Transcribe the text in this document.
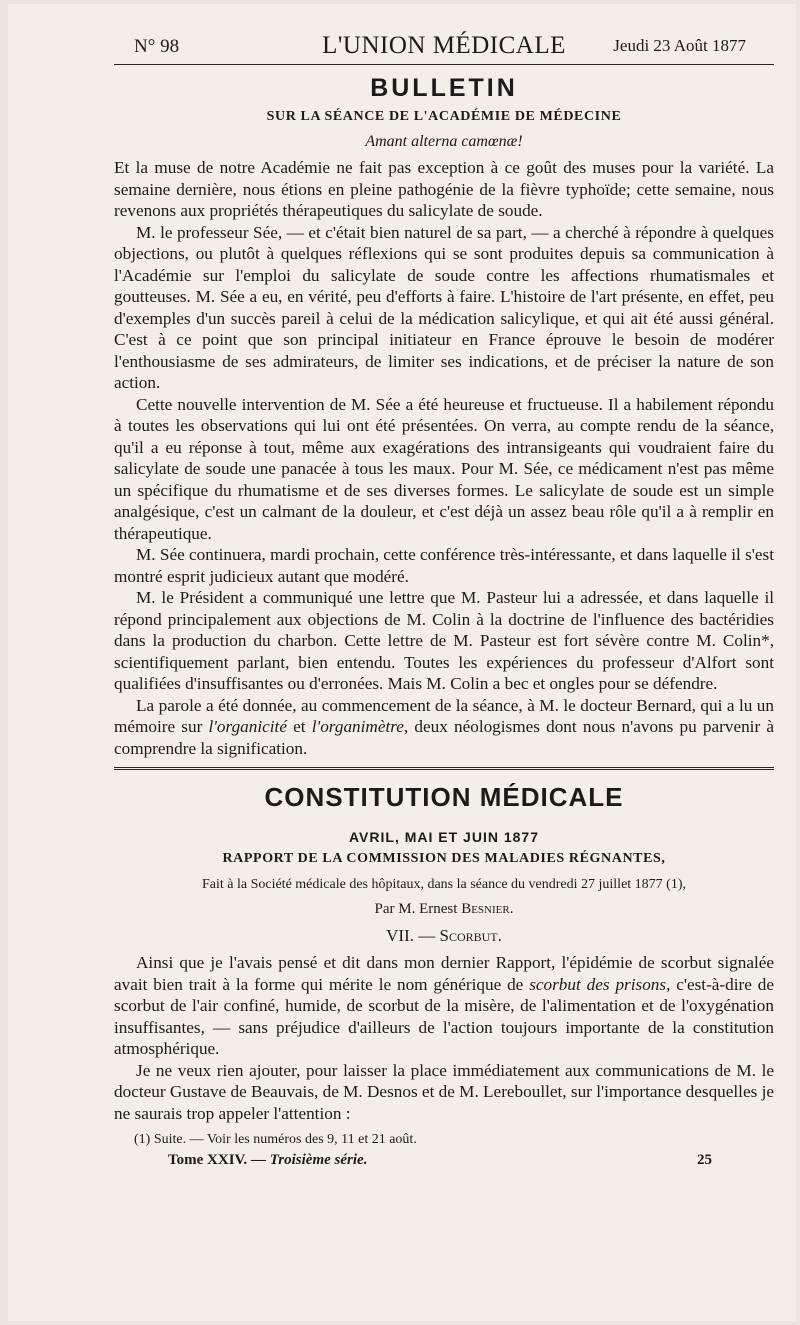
N° 98	L'UNION MÉDICALE	Jeudi 23 Août 1877
BULLETIN
SUR LA SÉANCE DE L'ACADÉMIE DE MÉDECINE
Amant alterna camœnæ!

Et la muse de notre Académie ne fait pas exception à ce goût des muses pour la variété. La semaine dernière, nous étions en pleine pathogénie de la fièvre typhoïde; cette semaine, nous revenons aux propriétés thérapeutiques du salicylate de soude.

M. le professeur Sée, — et c'était bien naturel de sa part, — a cherché à répondre à quelques objections, ou plutôt à quelques réflexions qui se sont produites depuis sa communication à l'Académie sur l'emploi du salicylate de soude contre les affections rhumatismales et goutteuses. M. Sée a eu, en vérité, peu d'efforts à faire. L'histoire de l'art présente, en effet, peu d'exemples d'un succès pareil à celui de la médication salicylique, et qui ait été aussi général. C'est à ce point que son principal initiateur en France éprouve le besoin de modérer l'enthousiasme de ses admirateurs, de limiter ses indications, et de préciser la nature de son action.

Cette nouvelle intervention de M. Sée a été heureuse et fructueuse. Il a habilement répondu à toutes les observations qui lui ont été présentées. On verra, au compte rendu de la séance, qu'il a eu réponse à tout, même aux exagérations des intransigeants qui voudraient faire du salicylate de soude une panacée à tous les maux. Pour M. Sée, ce médicament n'est pas même un spécifique du rhumatisme et de ses diverses formes. Le salicylate de soude est un simple analgésique, c'est un calmant de la douleur, et c'est déjà un assez beau rôle qu'il a à remplir en thérapeutique.

M. Sée continuera, mardi prochain, cette conférence très-intéressante, et dans laquelle il s'est montré esprit judicieux autant que modéré.

M. le Président a communiqué une lettre que M. Pasteur lui a adressée, et dans laquelle il répond principalement aux objections de M. Colin à la doctrine de l'influence des bactéridies dans la production du charbon. Cette lettre de M. Pasteur est fort sévère contre M. Colin*, scientifiquement parlant, bien entendu. Toutes les expériences du professeur d'Alfort sont qualifiées d'insuffisantes ou d'erronées. Mais M. Colin a bec et ongles pour se défendre.

La parole a été donnée, au commencement de la séance, à M. le docteur Bernard, qui a lu un mémoire sur l'organicité et l'organimètre, deux néologismes dont nous n'avons pu parvenir à comprendre la signification.

CONSTITUTION MÉDICALE
AVRIL, MAI ET JUIN 1877
RAPPORT DE LA COMMISSION DES MALADIES RÉGNANTES,
Fait à la Société médicale des hôpitaux, dans la séance du vendredi 27 juillet 1877 (1),
Par M. Ernest Besnier.
VII. — Scorbut.

Ainsi que je l'avais pensé et dit dans mon dernier Rapport, l'épidémie de scorbut signalée avait bien trait à la forme qui mérite le nom générique de scorbut des prisons, c'est-à-dire de scorbut de l'air confiné, humide, de scorbut de la misère, de l'alimentation et de l'oxygénation insuffisantes, — sans préjudice d'ailleurs de l'action toujours importante de la constitution atmosphérique.

Je ne veux rien ajouter, pour laisser la place immédiatement aux communications de M. le docteur Gustave de Beauvais, de M. Desnos et de M. Lereboullet, sur l'importance desquelles je ne saurais trop appeler l'attention :

(1) Suite. — Voir les numéros des 9, 11 et 21 août.
Tome XXIV. — Troisième série.	25
